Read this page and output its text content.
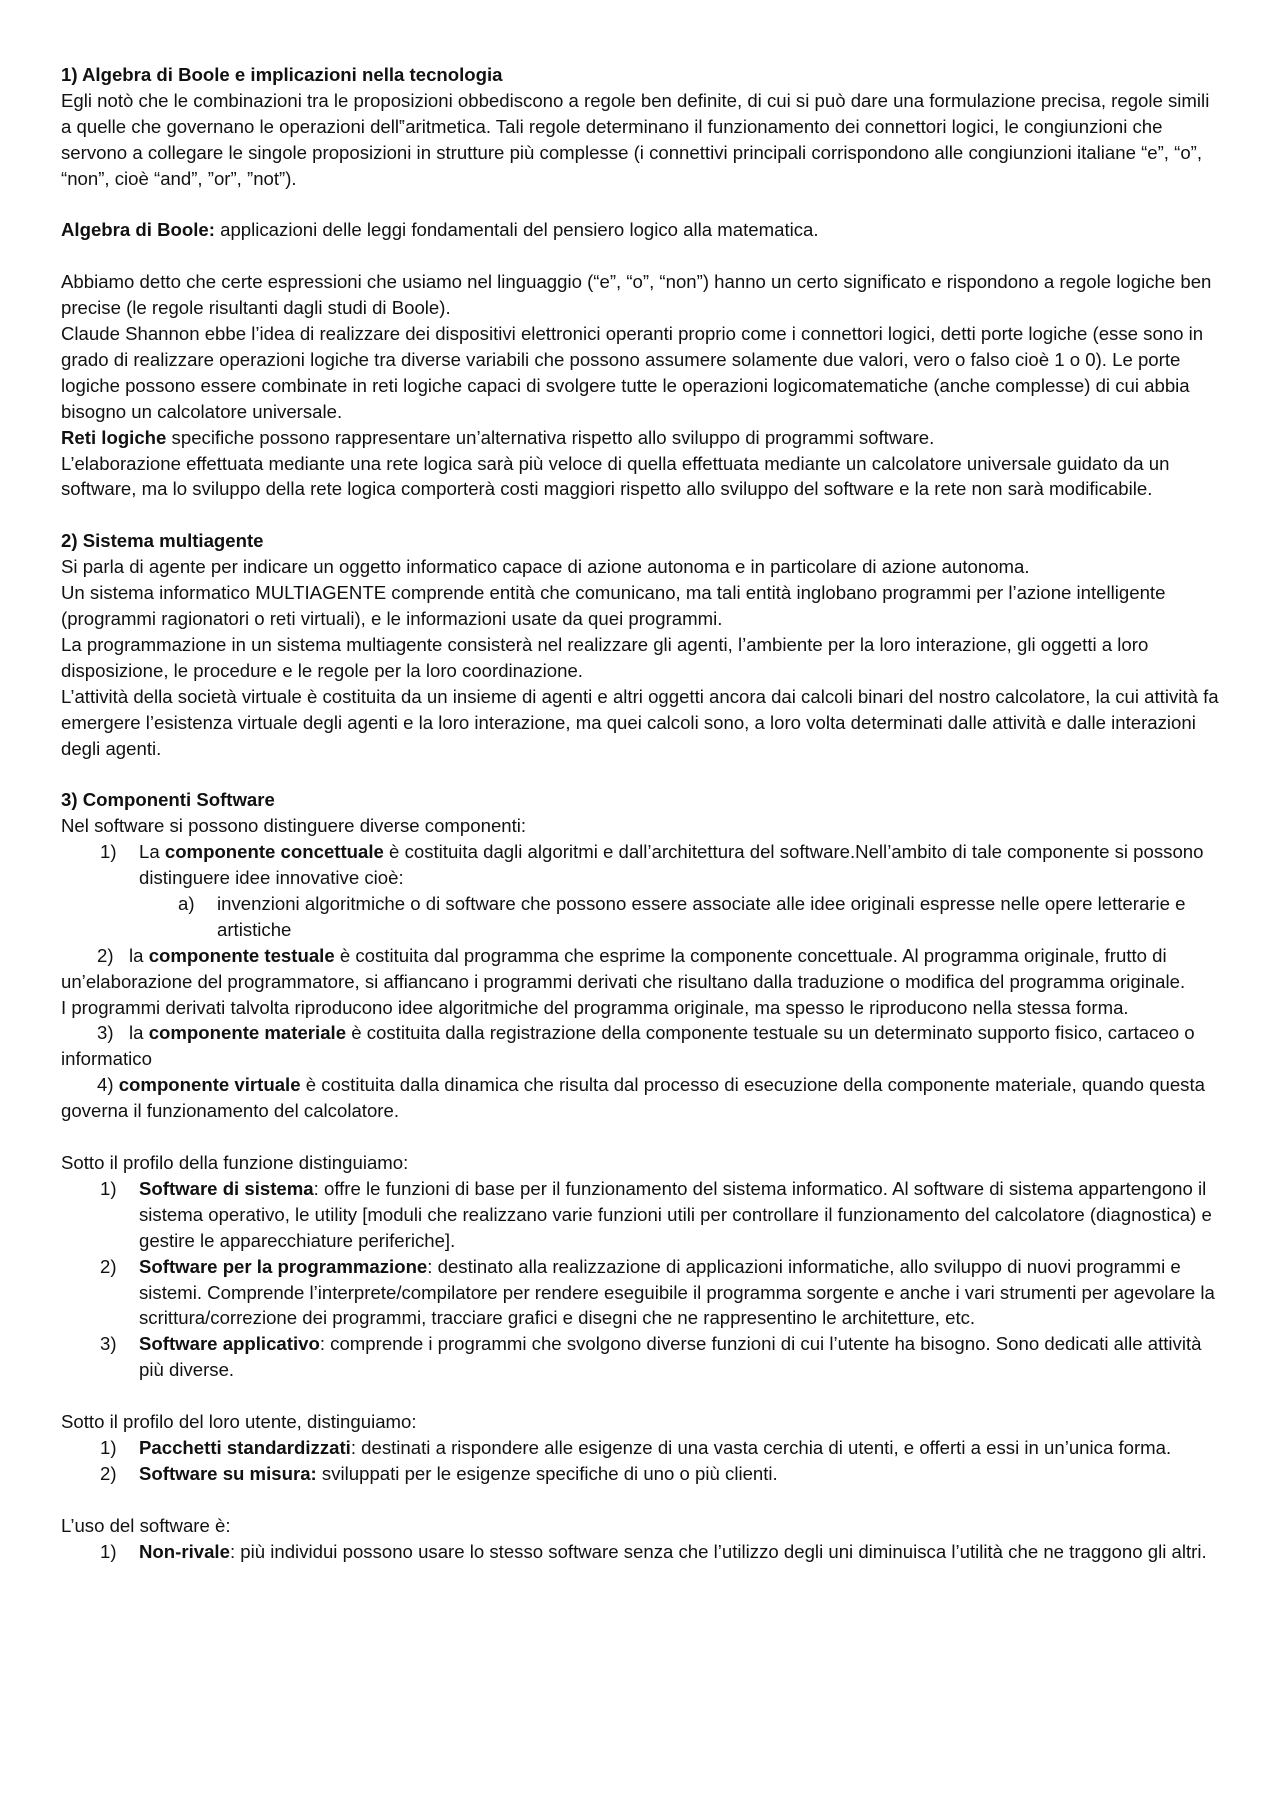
1) Algebra di Boole e implicazioni nella tecnologia

Egli notò che le combinazioni tra le proposizioni obbediscono a regole ben definite, di cui si può dare una formulazione precisa, regole simili a quelle che governano le operazioni dell‟aritmetica. Tali regole determinano il funzionamento dei connettori logici, le congiunzioni che servono a collegare le singole proposizioni in strutture più complesse (i connettivi principali corrispondono alle congiunzioni italiane “e”, “o”, “non”, cioè “and”, ”or”, ”not”).

Algebra di Boole: applicazioni delle leggi fondamentali del pensiero logico alla matematica.

Abbiamo detto che certe espressioni che usiamo nel linguaggio (“e”, “o”, “non”) hanno un certo significato e rispondono a regole logiche ben precise (le regole risultanti dagli studi di Boole).

Claude Shannon ebbe l’idea di realizzare dei dispositivi elettronici operanti proprio come i connettori logici, detti porte logiche (esse sono in grado di realizzare operazioni logiche tra diverse variabili che possono assumere solamente due valori, vero o falso cioè 1 o 0). Le porte logiche possono essere combinate in reti logiche capaci di svolgere tutte le operazioni logicomatematiche (anche complesse) di cui abbia bisogno un calcolatore universale.

Reti logiche specifiche possono rappresentare un’alternativa rispetto allo sviluppo di programmi software.

L’elaborazione effettuata mediante una rete logica sarà più veloce di quella effettuata mediante un calcolatore universale guidato da un software, ma lo sviluppo della rete logica comporterà costi maggiori rispetto allo sviluppo del software e la rete non sarà modificabile.

2) Sistema multiagente

Si parla di agente per indicare un oggetto informatico capace di azione autonoma e in particolare di azione autonoma.

Un sistema informatico MULTIAGENTE comprende entità che comunicano, ma tali entità inglobano programmi per l’azione intelligente (programmi ragionatori o reti virtuali), e le informazioni usate da quei programmi.

La programmazione in un sistema multiagente consisterà nel realizzare gli agenti, l’ambiente per la loro interazione, gli oggetti a loro disposizione, le procedure e le regole per la loro coordinazione.

L’attività della società virtuale è costituita da un insieme di agenti e altri oggetti ancora dai calcoli binari del nostro calcolatore, la cui attività fa emergere l’esistenza virtuale degli agenti e la loro interazione, ma quei calcoli sono, a loro volta determinati dalle attività e dalle interazioni degli agenti.

3) Componenti Software

Nel software si possono distinguere diverse componenti:

1) La componente concettuale è costituita dagli algoritmi e dall’architettura del software.Nell’ambito di tale componente si possono distinguere idee innovative cioè:
a) invenzioni algoritmiche o di software che possono essere associate alle idee originali espresse nelle opere letterarie e artistiche

2) la componente testuale è costituita dal programma che esprime la componente concettuale. Al programma originale, frutto di un’elaborazione del programmatore, si affiancano i programmi derivati che risultano dalla traduzione o modifica del programma originale.

I programmi derivati talvolta riproducono idee algoritmiche del programma originale, ma spesso le riproducono nella stessa forma.

3) la componente materiale è costituita dalla registrazione della componente testuale su un determinato supporto fisico, cartaceo o informatico

4) componente virtuale è costituita dalla dinamica che risulta dal processo di esecuzione della componente materiale, quando questa governa il funzionamento del calcolatore.

Sotto il profilo della funzione distinguiamo:

1) Software di sistema: offre le funzioni di base per il funzionamento del sistema informatico. Al software di sistema appartengono il sistema operativo, le utility [moduli che realizzano varie funzioni utili per controllare il funzionamento del calcolatore (diagnostica) e gestire le apparecchiature periferiche].
2) Software per la programmazione: destinato alla realizzazione di applicazioni informatiche, allo sviluppo di nuovi programmi e sistemi. Comprende l’interprete/compilatore per rendere eseguibile il programma sorgente e anche i vari strumenti per agevolare la scrittura/correzione dei programmi, tracciare grafici e disegni che ne rappresentino le architetture, etc.
3) Software applicativo: comprende i programmi che svolgono diverse funzioni di cui l’utente ha bisogno. Sono dedicati alle attività più diverse.

Sotto il profilo del loro utente, distinguiamo:

1) Pacchetti standardizzati: destinati a rispondere alle esigenze di una vasta cerchia di utenti, e offerti a essi in un’unica forma.
2) Software su misura: sviluppati per le esigenze specifiche di uno o più clienti.

L’uso del software è:

1) Non-rivale: più individui possono usare lo stesso software senza che l’utilizzo degli uni diminuisca l’utilità che ne traggono gli altri.
